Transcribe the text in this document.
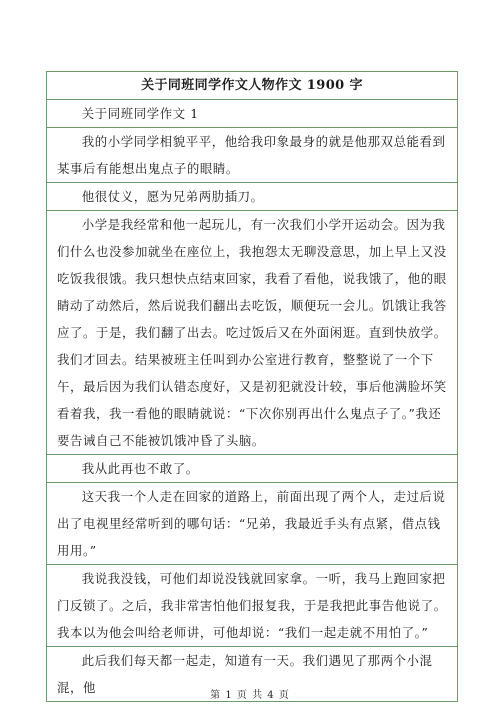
关于同班同学作文人物作文 1900 字
关于同班同学作文 1
我的小学同学相貌平平，他给我印象最身的就是他那双总能看到某事后有能想出鬼点子的眼睛。
他很仗义，愿为兄弟两肋插刀。
小学是我经常和他一起玩儿，有一次我们小学开运动会。因为我们什么也没参加就坐在座位上，我抱怨太无聊没意思，加上早上又没吃饭我很饿。我只想快点结束回家，我看了看他，说我饿了，他的眼睛动了动然后，然后说我们翻出去吃饭，顺便玩一会儿。饥饿让我答应了。于是，我们翻了出去。吃过饭后又在外面闲逛。直到快放学。我们才回去。结果被班主任叫到办公室进行教育，整整说了一个下午，最后因为我们认错态度好，又是初犯就没计较，事后他满脸坏笑看着我，我一看他的眼睛就说：“下次你别再出什么鬼点子了。”我还要告诫自己不能被饥饿冲昏了头脑。
我从此再也不敢了。
这天我一个人走在回家的道路上，前面出现了两个人，走过后说出了电视里经常听到的哪句话：“兄弟，我最近手头有点紧，借点钱用用。”
我说我没钱，可他们却说没钱就回家拿。一听，我马上跑回家把门反锁了。之后，我非常害怕他们报复我，于是我把此事告他说了。我本以为他会叫给老师讲，可他却说：“我们一起走就不用怕了。”
此后我们每天都一起走，知道有一天。我们遇见了那两个小混混，他
第 1 页 共 4 页
